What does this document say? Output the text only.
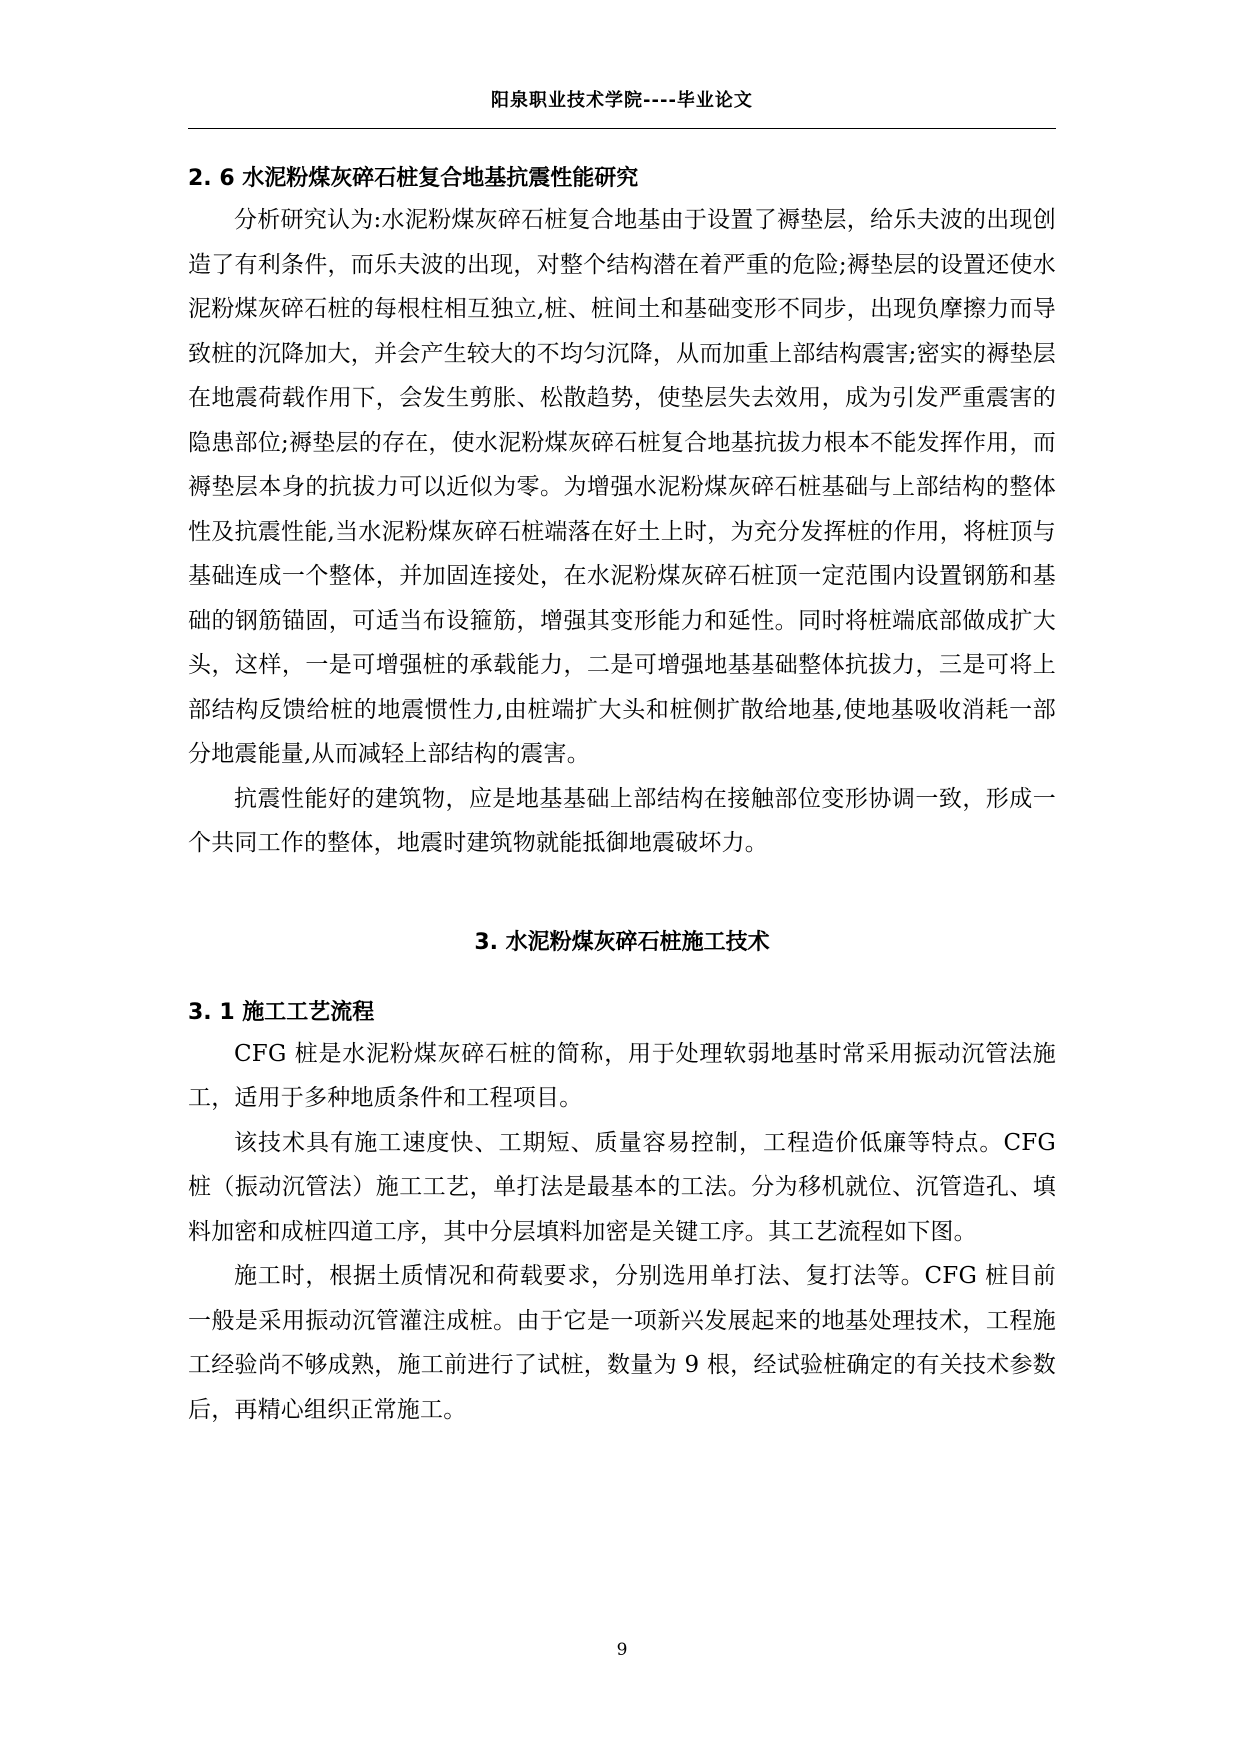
阳泉职业技术学院----毕业论文
2. 6 水泥粉煤灰碎石桩复合地基抗震性能研究

分析研究认为:水泥粉煤灰碎石桩复合地基由于设置了褥垫层，给乐夫波的出现创造了有利条件，而乐夫波的出现，对整个结构潜在着严重的危险;褥垫层的设置还使水泥粉煤灰碎石桩的每根柱相互独立,桩、桩间土和基础变形不同步，出现负摩擦力而导致桩的沉降加大，并会产生较大的不均匀沉降，从而加重上部结构震害;密实的褥垫层在地震荷载作用下，会发生剪胀、松散趋势，使垫层失去效用，成为引发严重震害的隐患部位;褥垫层的存在，使水泥粉煤灰碎石桩复合地基抗拔力根本不能发挥作用，而褥垫层本身的抗拔力可以近似为零。为增强水泥粉煤灰碎石桩基础与上部结构的整体性及抗震性能,当水泥粉煤灰碎石桩端落在好土上时，为充分发挥桩的作用，将桩顶与基础连成一个整体，并加固连接处，在水泥粉煤灰碎石桩顶一定范围内设置钢筋和基础的钢筋锚固，可适当布设箍筋，增强其变形能力和延性。同时将桩端底部做成扩大头，这样，一是可增强桩的承载能力，二是可增强地基基础整体抗拔力，三是可将上部结构反馈给桩的地震惯性力,由桩端扩大头和桩侧扩散给地基,使地基吸收消耗一部分地震能量,从而减轻上部结构的震害。

抗震性能好的建筑物，应是地基基础上部结构在接触部位变形协调一致，形成一个共同工作的整体，地震时建筑物就能抵御地震破坏力。

3. 水泥粉煤灰碎石桩施工技术
3. 1 施工工艺流程

CFG 桩是水泥粉煤灰碎石桩的简称，用于处理软弱地基时常采用振动沉管法施工，适用于多种地质条件和工程项目。

该技术具有施工速度快、工期短、质量容易控制，工程造价低廉等特点。CFG 桩（振动沉管法）施工工艺，单打法是最基本的工法。分为移机就位、沉管造孔、填料加密和成桩四道工序，其中分层填料加密是关键工序。其工艺流程如下图。

施工时，根据土质情况和荷载要求，分别选用单打法、复打法等。CFG 桩目前一般是采用振动沉管灌注成桩。由于它是一项新兴发展起来的地基处理技术，工程施工经验尚不够成熟，施工前进行了试桩，数量为 9 根，经试验桩确定的有关技术参数后，再精心组织正常施工。

9
